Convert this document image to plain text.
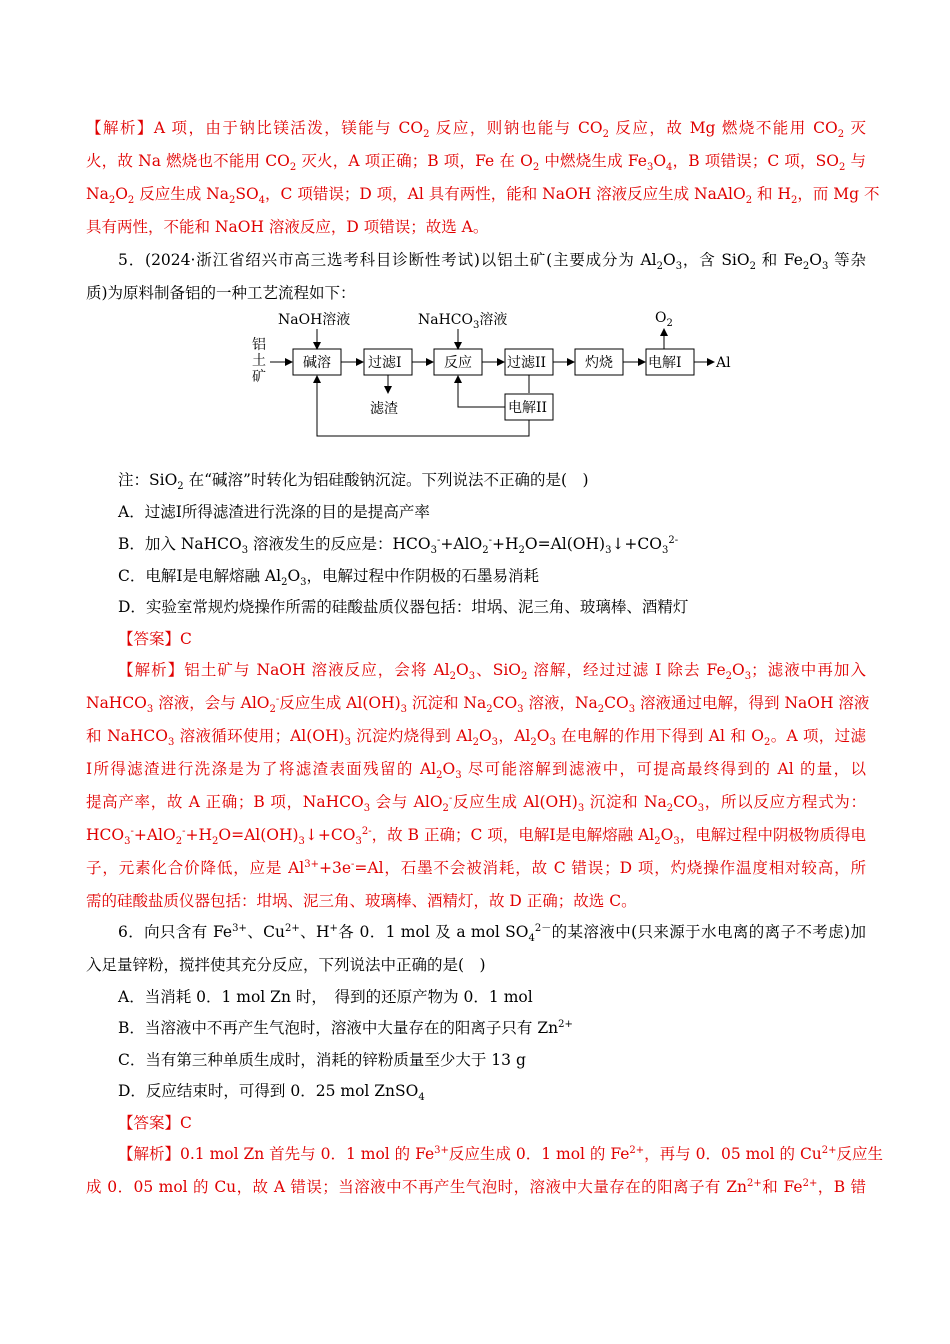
【解析】A 项，由于钠比镁活泼，镁能与 $CO_2$ 反应，则钠也能与 $CO_2$ 反应，故 Mg 燃烧不能用 $CO_2$ 灭
火，故 Na 燃烧也不能用 $CO_2$ 灭火，A 项正确；B 项，Fe 在 $O_2$ 中燃烧生成 $Fe_3O_4$，B 项错误；C 项，$SO_2$ 与
$Na_2O_2$ 反应生成 $Na_2SO_4$，C 项错误；D 项，Al 具有两性，能和 NaOH 溶液反应生成 NaAlO$_2$ 和 $H_2$，而 Mg 不
具有两性，不能和 NaOH 溶液反应，D 项错误；故选 A。
5．(2024·浙江省绍兴市高三选考科目诊断性考试)以铝土矿(主要成分为 $Al_2O_3$，含 SiO$_2$ 和 $Fe_2O_3$ 等杂
质)为原料制备铝的一种工艺流程如下：
铝
土
矿
NaOH溶液	NaHCO$_3$溶液	$O_2$
碱溶	过滤I
滤渣
反应	过滤II	灼烧	电解I Al
电解II
注：SiO$_2$ 在“碱溶”时转化为铝硅酸钠沉淀。下列说法不正确的是(　)
A．过滤Ⅰ所得滤渣进行洗涤的目的是提高产率
B．加入 NaHCO$_3$ 溶液发生的反应是：$HCO_3^-+AlO_2^-+H_2O=Al(OH)_3↓+CO_3^{2-}$
C．电解Ⅰ是电解熔融 $Al_2O_3$，电解过程中作阴极的石墨易消耗
D．实验室常规灼烧操作所需的硅酸盐质仪器包括：坩埚、泥三角、玻璃棒、酒精灯
【答案】C
【解析】铝土矿与 NaOH 溶液反应，会将 $Al_2O_3$、SiO$_2$ 溶解，经过过滤 I 除去 $Fe_2O_3$；滤液中再加入
NaHCO$_3$ 溶液，会与 AlO$_2$-反应生成 $Al(OH)_3$ 沉淀和 $Na_2CO_3$ 溶液，$Na_2CO_3$ 溶液通过电解，得到 NaOH 溶液
和 NaHCO$_3$ 溶液循环使用；$Al(OH)_3$ 沉淀灼烧得到 $Al_2O_3$，$Al_2O_3$ 在电解的作用下得到 Al 和 $O_2$。A 项，过滤
Ⅰ所得滤渣进行洗涤是为了将滤渣表面残留的 $Al_2O_3$ 尽可能溶解到滤液中，可提高最终得到的 Al 的量，以
提高产率，故 A 正确；B 项，NaHCO$_3$ 会与 AlO$_2$-反应生成 $Al(OH)_3$ 沉淀和 $Na_2CO_3$，所以反应方程式为：
$HCO_3^-+AlO_2^-+H_2O=Al(OH)_3↓+CO_3^{2-}$，故 B 正确；C 项，电解Ⅰ是电解熔融 $Al_2O_3$，电解过程中阴极物质得电
子，元素化合价降低，应是 $Al^{3+}+3e^-=Al$，石墨不会被消耗，故 C 错误；D 项，灼烧操作温度相对较高，所
需的硅酸盐质仪器包括：坩埚、泥三角、玻璃棒、酒精灯，故 D 正确；故选 C。
6．向只含有 $Fe^{3+}$、$Cu^{2+}$、H+各 0．1 mol 及 a mol $SO_4^{2-}$的某溶液中(只来源于水电离的离子不考虑)加
入足量锌粉，搅拌使其充分反应，下列说法中正确的是(　)
A．当消耗 0．1 mol Zn 时，　得到的还原产物为 0．1 mol
B．当溶液中不再产生气泡时，溶液中大量存在的阳离子只有 $Zn^{2+}$
C．当有第三种单质生成时，消耗的锌粉质量至少大于 13 g
D．反应结束时，可得到 0．25 mol ZnSO$_4$
【答案】C
【解析】0.1 mol Zn 首先与 0．1 mol 的 $Fe^{3+}$反应生成 0．1 mol 的 $Fe^{2+}$，再与 0．05 mol 的 $Cu^{2+}$反应生
成 0．05 mol 的 Cu，故 A 错误；当溶液中不再产生气泡时，溶液中大量存在的阳离子有 $Zn^{2+}$和 $Fe^{2+}$，B 错
